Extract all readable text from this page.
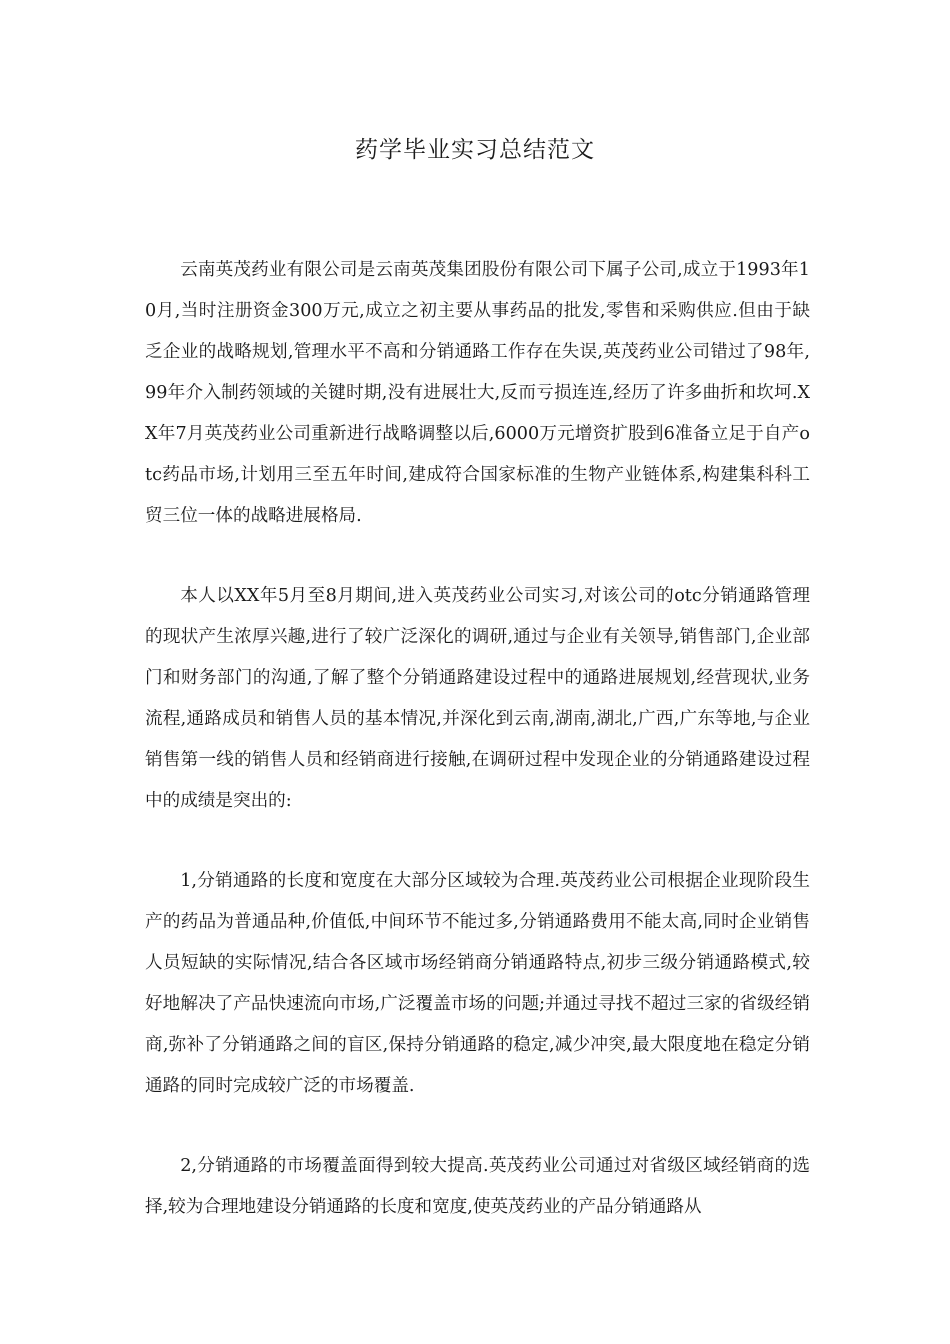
药学毕业实习总结范文

云南英茂药业有限公司是云南英茂集团股份有限公司下属子公司,成立于1993年10月,当时注册资金300万元,成立之初主要从事药品的批发,零售和采购供应.但由于缺乏企业的战略规划,管理水平不高和分销通路工作存在失误,英茂药业公司错过了98年,99年介入制药领域的关键时期,没有进展壮大,反而亏损连连,经历了许多曲折和坎坷.XX年7月英茂药业公司重新进行战略调整以后,6000万元增资扩股到6准备立足于自产otc药品市场,计划用三至五年时间,建成符合国家标准的生物产业链体系,构建集科科工贸三位一体的战略进展格局.

本人以XX年5月至8月期间,进入英茂药业公司实习,对该公司的otc分销通路管理的现状产生浓厚兴趣,进行了较广泛深化的调研,通过与企业有关领导,销售部门,企业部门和财务部门的沟通,了解了整个分销通路建设过程中的通路进展规划,经营现状,业务流程,通路成员和销售人员的基本情况,并深化到云南,湖南,湖北,广西,广东等地,与企业销售第一线的销售人员和经销商进行接触,在调研过程中发现企业的分销通路建设过程中的成绩是突出的:

1,分销通路的长度和宽度在大部分区域较为合理.英茂药业公司根据企业现阶段生产的药品为普通品种,价值低,中间环节不能过多,分销通路费用不能太高,同时企业销售人员短缺的实际情况,结合各区域市场经销商分销通路特点,初步三级分销通路模式,较好地解决了产品快速流向市场,广泛覆盖市场的问题;并通过寻找不超过三家的省级经销商,弥补了分销通路之间的盲区,保持分销通路的稳定,减少冲突,最大限度地在稳定分销通路的同时完成较广泛的市场覆盖.

2,分销通路的市场覆盖面得到较大提高.英茂药业公司通过对省级区域经销商的选择,较为合理地建设分销通路的长度和宽度,使英茂药业的产品分销通路从
